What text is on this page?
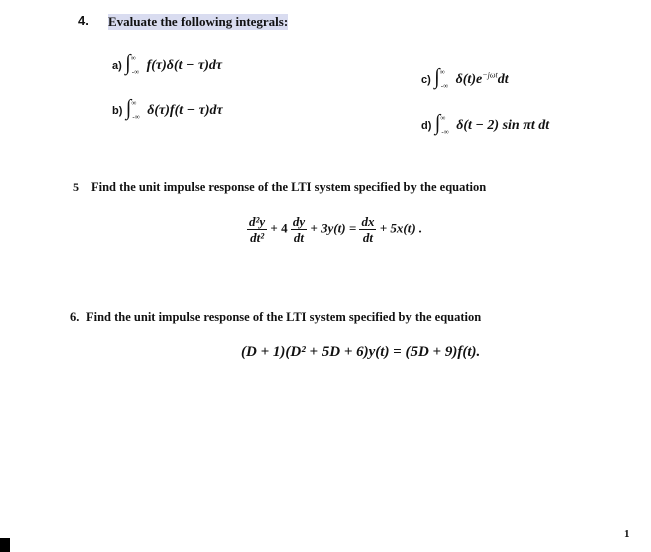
4. Evaluate the following integrals:
a) $\int^\infty_{-\infty}$ f(τ)δ(t − τ)dτ
b) $\int^\infty_{-\infty}$ δ(τ)f(t − τ)dτ
c) $\int^\infty_{-\infty}$ $\delta(t)e^{-j\omega t}dt$
d) $\int^\infty_{-\infty}$ δ(t − 2) sin πt dt
5 Find the unit impulse response of the LTI system specified by the equation
$\frac{\text{d²y}}{\text{dt²}} + 4 \frac{dy}{dt} + 3y(t) = \frac{dx}{dt} + 5x(t)$ .
6. Find the unit impulse response of the LTI system specified by the equation
(D + 1)(D² + 5D + 6)y(t) = (5D + 9)f(t).
1
